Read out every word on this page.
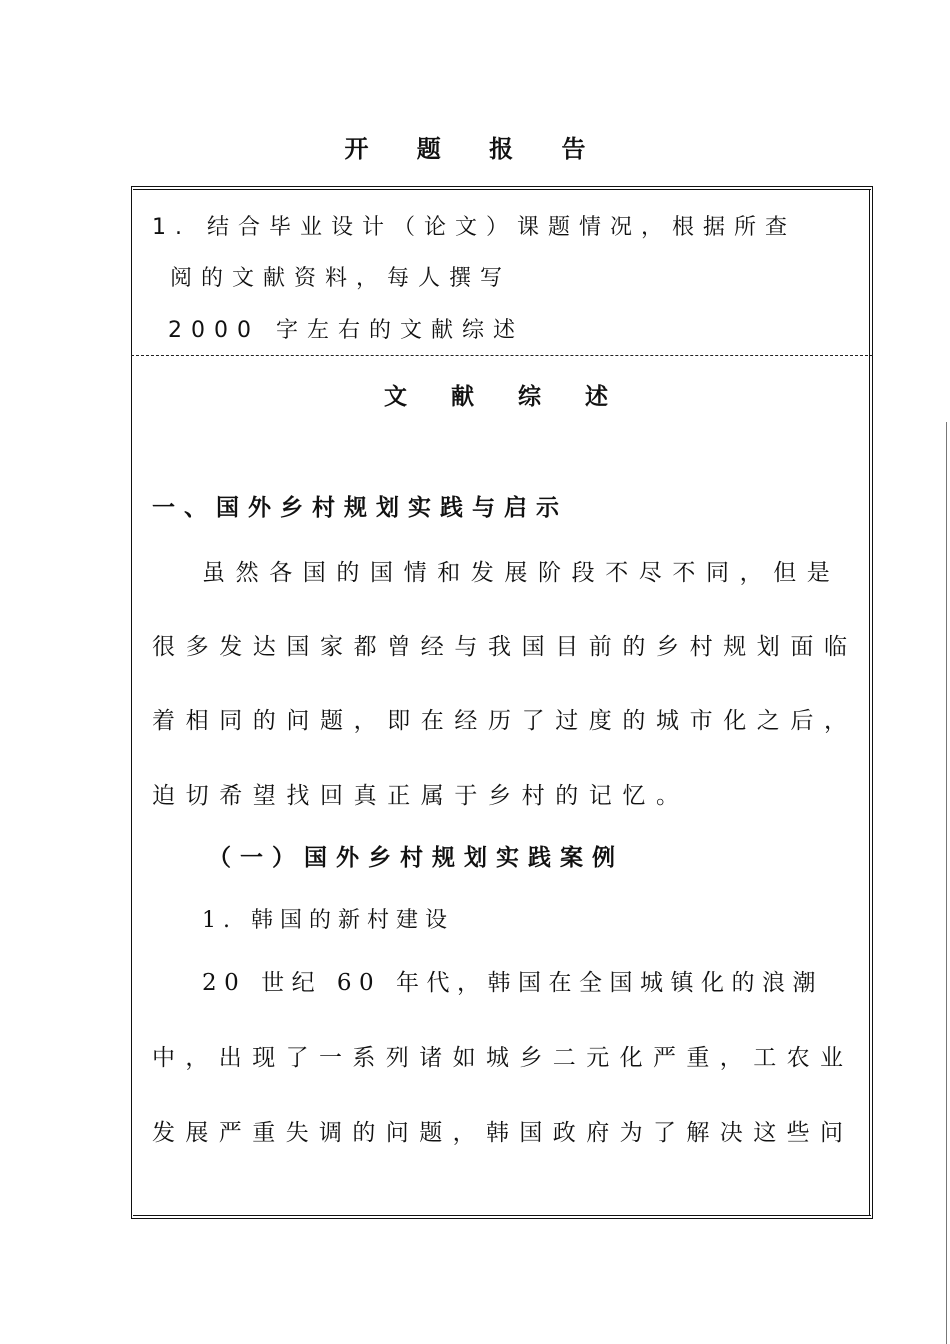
开 题 报 告
1. 结合毕业设计（论文）课题情况，根据所查
阅的文献资料，每人撰写
2000 字左右的文献综述
文 献 综 述
一、国外乡村规划实践与启示
虽然各国的国情和发展阶段不尽不同，但是
很多发达国家都曾经与我国目前的乡村规划面临
着相同的问题，即在经历了过度的城市化之后，
迫切希望找回真正属于乡村的记忆。
（一）国外乡村规划实践案例
1. 韩国的新村建设
20 世纪 60 年代，韩国在全国城镇化的浪潮
中，出现了一系列诸如城乡二元化严重，工农业
发展严重失调的问题，韩国政府为了解决这些问
